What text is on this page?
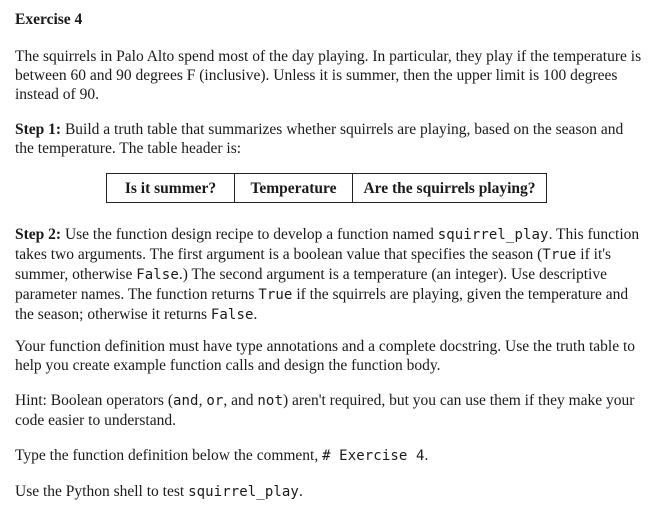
Exercise 4

The squirrels in Palo Alto spend most of the day playing. In particular, they play if the temperature is between 60 and 90 degrees F (inclusive). Unless it is summer, then the upper limit is 100 degrees instead of 90.

Step 1: Build a truth table that summarizes whether squirrels are playing, based on the season and the temperature. The table header is:

Is it summer?	Temperature	Are the squirrels playing?

Step 2: Use the function design recipe to develop a function named squirrel_play. This function takes two arguments. The first argument is a boolean value that specifies the season (True if it's summer, otherwise False.) The second argument is a temperature (an integer). Use descriptive parameter names. The function returns True if the squirrels are playing, given the temperature and the season; otherwise it returns False.

Your function definition must have type annotations and a complete docstring. Use the truth table to help you create example function calls and design the function body.

Hint: Boolean operators (and, or, and not) aren't required, but you can use them if they make your code easier to understand.

Type the function definition below the comment, # Exercise 4.

Use the Python shell to test squirrel_play.
